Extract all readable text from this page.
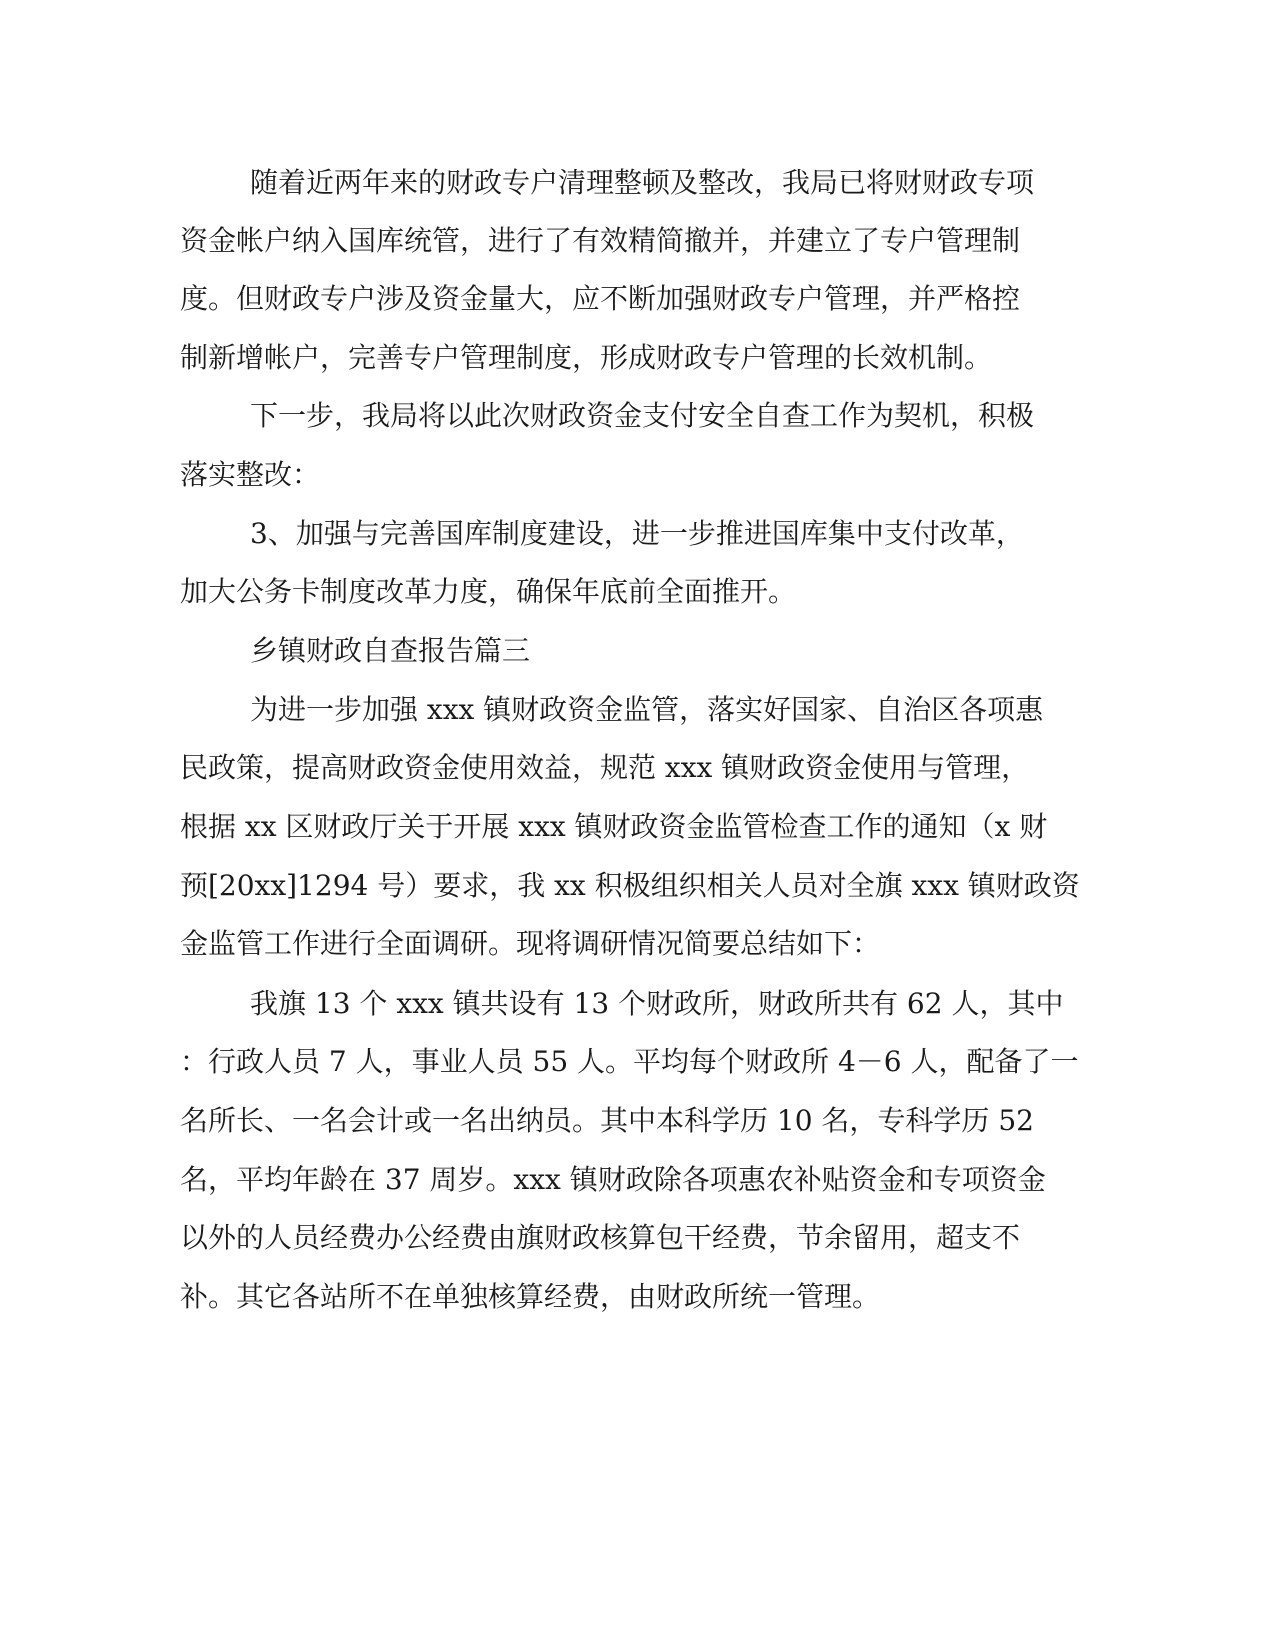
随着近两年来的财政专户清理整顿及整改，我局已将财财政专项

资金帐户纳入国库统管，进行了有效精简撤并，并建立了专户管理制

度。但财政专户涉及资金量大，应不断加强财政专户管理，并严格控

制新增帐户，完善专户管理制度，形成财政专户管理的长效机制。

下一步，我局将以此次财政资金支付安全自查工作为契机，积极

落实整改：

3、加强与完善国库制度建设，进一步推进国库集中支付改革，

加大公务卡制度改革力度，确保年底前全面推开。

乡镇财政自查报告篇三

为进一步加强 xxx 镇财政资金监管，落实好国家、自治区各项惠

民政策，提高财政资金使用效益，规范 xxx 镇财政资金使用与管理，

根据 xx 区财政厅关于开展 xxx 镇财政资金监管检查工作的通知（x 财

预[20xx]1294 号）要求，我 xx 积极组织相关人员对全旗 xxx 镇财政资

金监管工作进行全面调研。现将调研情况简要总结如下：

我旗 13 个 xxx 镇共设有 13 个财政所，财政所共有 62 人，其中

：行政人员 7 人，事业人员 55 人。平均每个财政所 4－6 人，配备了一

名所长、一名会计或一名出纳员。其中本科学历 10 名，专科学历 52

名，平均年龄在 37 周岁。xxx 镇财政除各项惠农补贴资金和专项资金

以外的人员经费办公经费由旗财政核算包干经费，节余留用，超支不

补。其它各站所不在单独核算经费，由财政所统一管理。
